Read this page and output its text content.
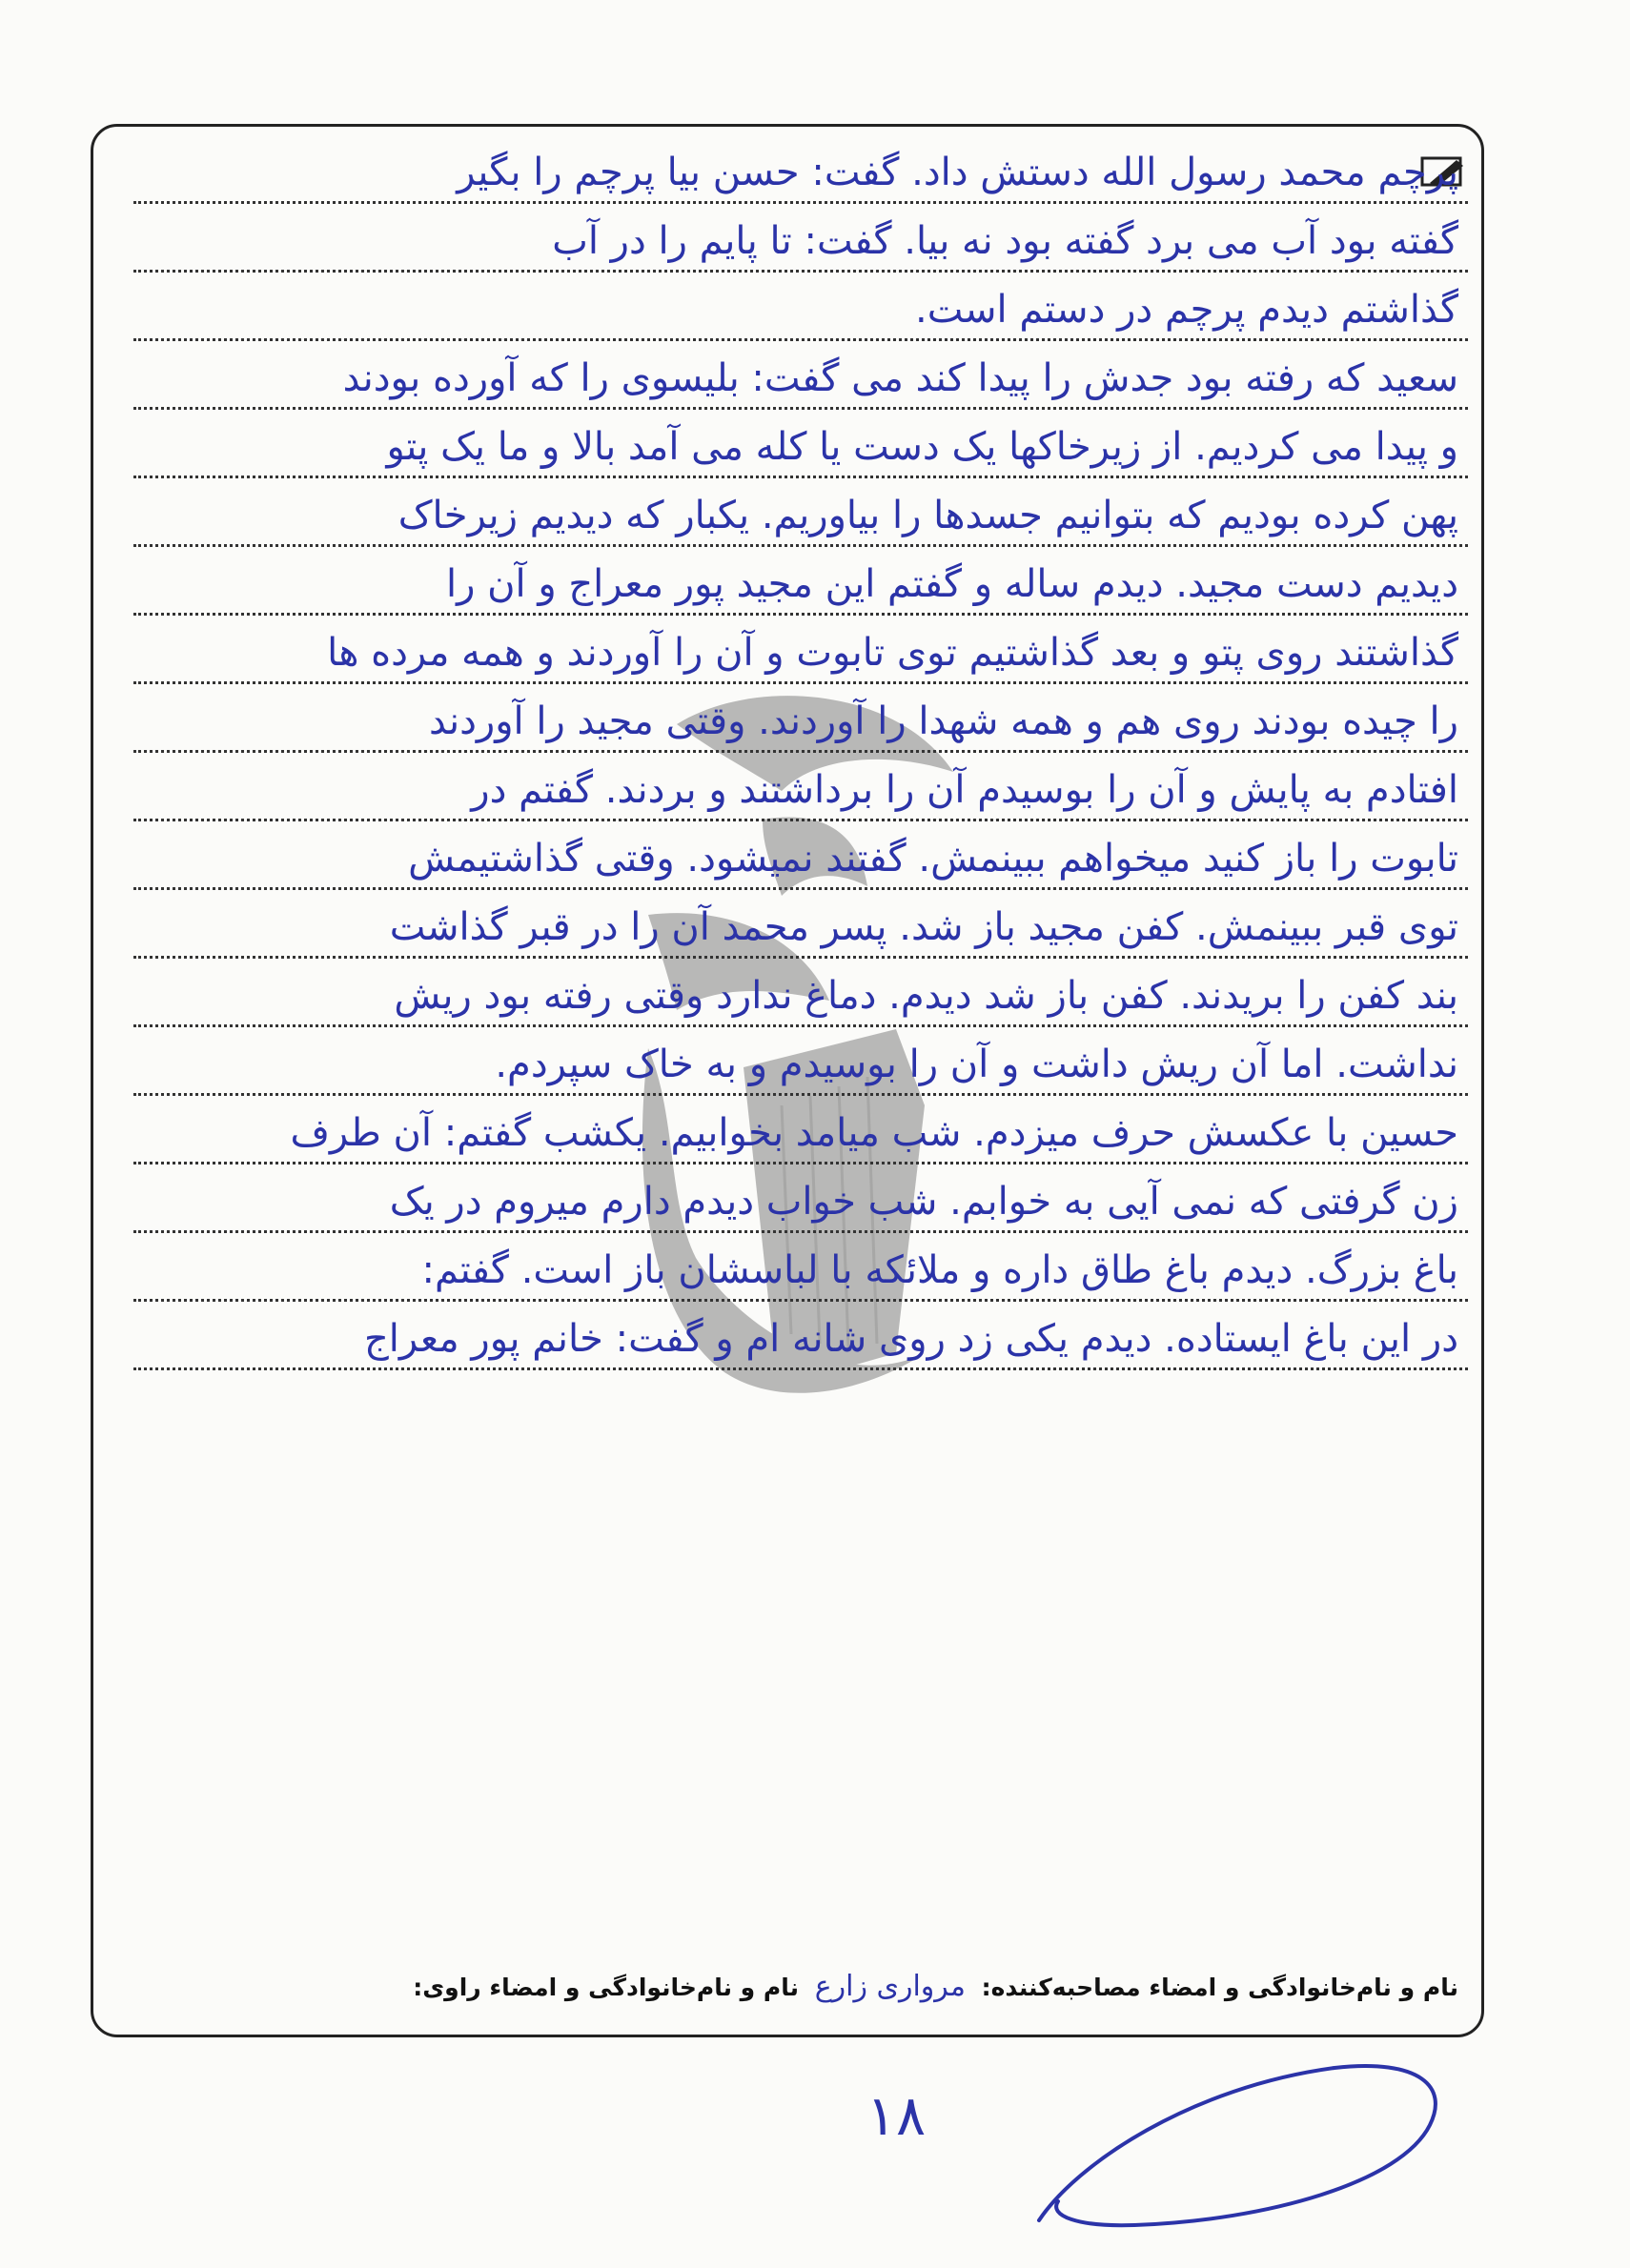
پرچم محمد رسول الله دستش داد. گفت: حسن بیا پرچم را بگیر
گفته بود آب می برد گفته بود نه بیا. گفت: تا پایم را در آب
گذاشتم دیدم پرچم در دستم است.
سعید که رفته بود جدش را پیدا کند می گفت: بلیسوی را که آورده بودند
و پیدا می کردیم. از زیرخاکها یک دست یا کله می آمد بالا و ما یک پتو
پهن کرده بودیم که بتوانیم جسدها را بیاوریم. یکبار که دیدیم زیرخاک
دیدیم دست مجید. دیدم ساله و گفتم این مجید پور معراج و آن را
گذاشتند روی پتو و بعد گذاشتیم توی تابوت و آن را آوردند و همه مرده ها
را چیده بودند روی هم و همه شهدا را آوردند. وقتی مجید را آوردند
افتادم به پایش و آن را بوسیدم آن را برداشتند و بردند. گفتم در
تابوت را باز کنید میخواهم ببینمش. گفتند نمیشود. وقتی گذاشتیمش
توی قبر ببینمش. کفن مجید باز شد. پسر محمد آن را در قبر گذاشت
بند کفن را بریدند. کفن باز شد دیدم. دماغ ندارد وقتی رفته بود ریش
نداشت. اما آن ریش داشت و آن را بوسیدم و به خاک سپردم.
حسین با عکسش حرف میزدم. شب میامد بخوابیم. یکشب گفتم: آن طرف
زن گرفتی که نمی آیی به خوابم. شب خواب دیدم دارم میروم در یک
باغ بزرگ. دیدم باغ طاق داره و ملائکه با لباسشان باز است. گفتم:
در این باغ ایستاده. دیدم یکی زد روی شانه ام و گفت: خانم پور معراج
نام و نام‌خانوادگی و امضاء مصاحبه‌کننده: مرواری زارع نام و نام‌خانوادگی و امضاء راوی:
۱۸
